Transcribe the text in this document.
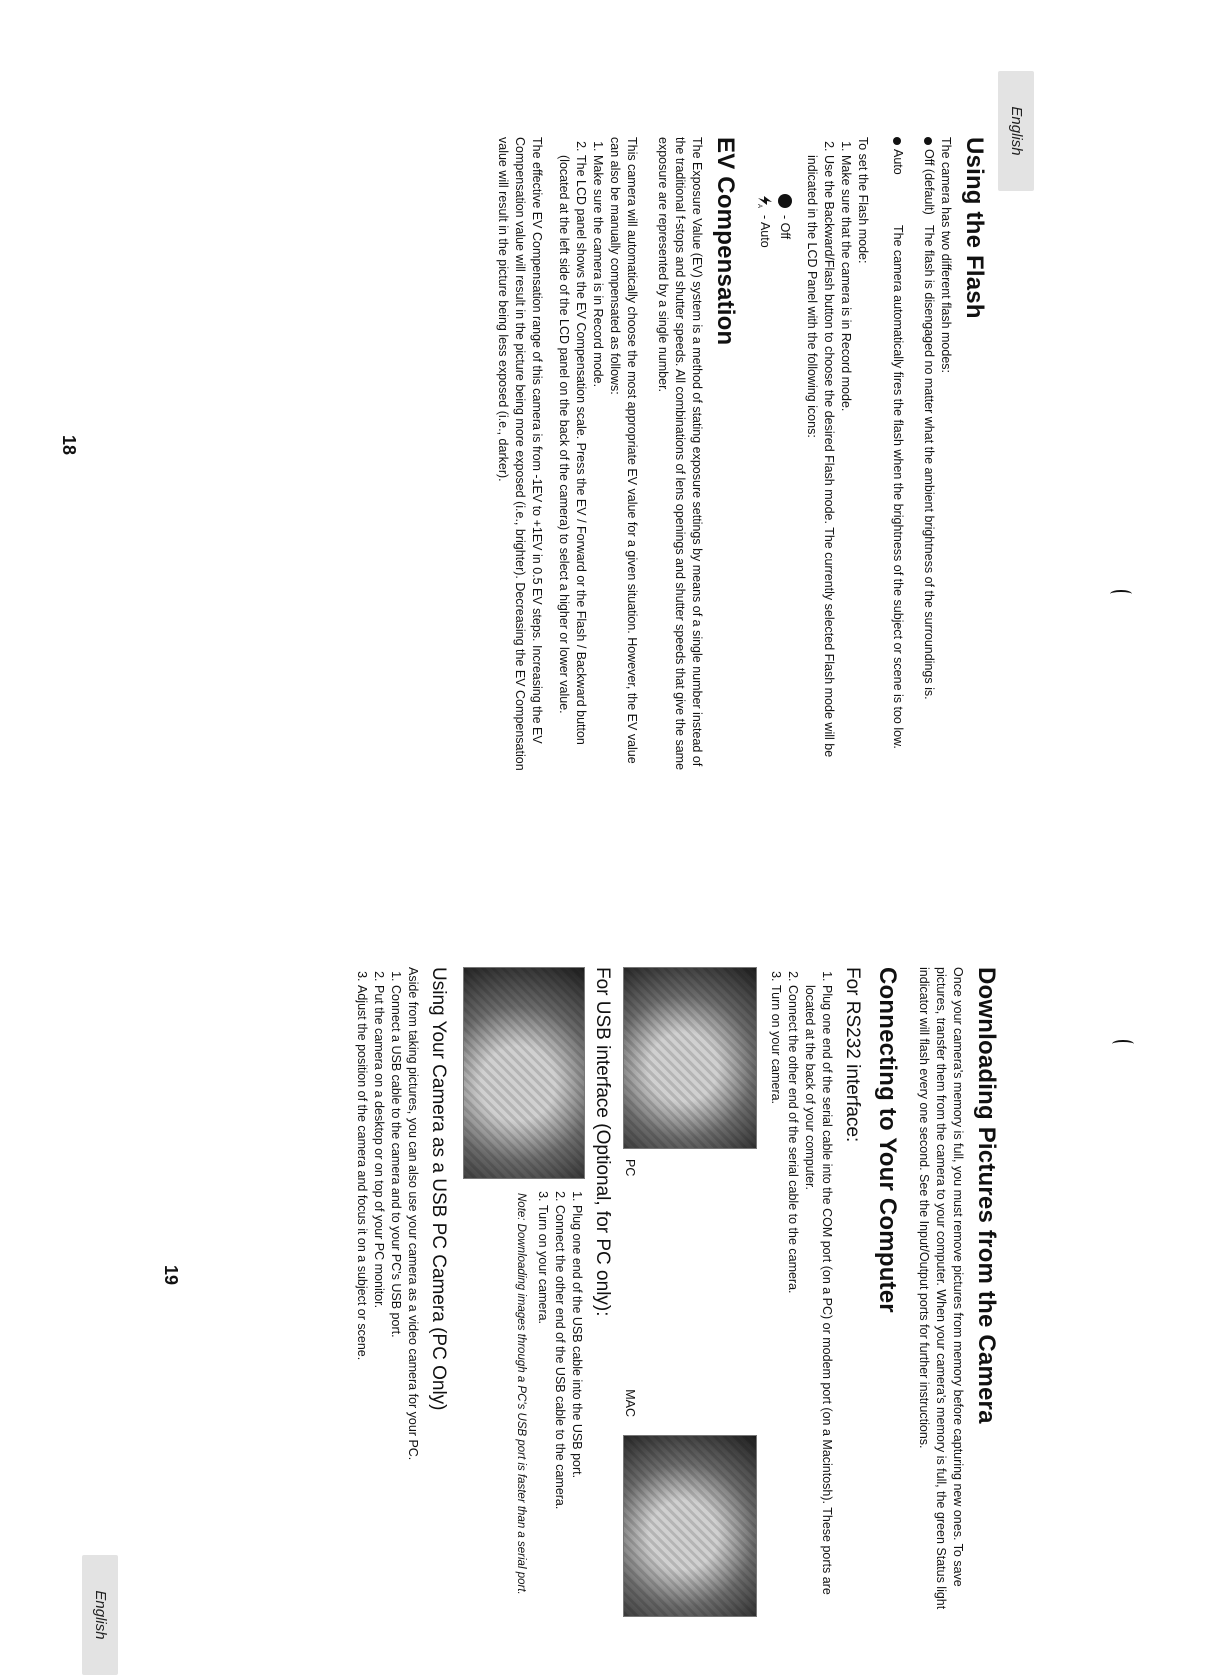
English
Using the Flash

The camera has two different flash modes:

Off (default)
The flash is disengaged no matter what the ambient brightness of the surroundings is.
Auto
The camera automatically fires the flash when the brightness of the subject or scene is too low.

To set the Flash mode:

1. Make sure that the camera is in Record mode.
2. Use the Backward/Flash button to choose the desired Flash mode. The currently selected Flash mode will be indicated in the LCD Panel with the following icons:
- Off
A
- Auto
EV Compensation

The Exposure Value (EV) system is a method of stating exposure settings by means of a single number instead of the traditional f-stops and shutter speeds. All combinations of lens openings and shutter speeds that give the same exposure are represented by a single number.

This camera will automatically choose the most appropriate EV value for a given situation. However, the EV value can also be manually compensated as follows:

1. Make sure the camera is in Record mode.
2. The LCD panel shows the EV Compensation scale. Press the EV / Forward or the Flash / Backward button (located at the left side of the LCD panel on the back of the camera) to select a higher or lower value.

The effective EV Compensation range of this camera is from -1EV to +1EV in 0.5 EV steps. Increasing the EV Compensation value will result in the picture being more exposed (i.e., brighter). Decreasing the EV Compensation value will result in the picture being less exposed (i.e., darker).

18
Downloading Pictures from the Camera

Once your camera's memory is full, you must remove pictures from memory before capturing new ones. To save pictures, transfer them from the camera to your computer. When your camera's memory is full, the green Status light indicator will flash every one second. See the Input/Output ports for further instructions.

Connecting to Your Computer
For RS232 interface:
1. Plug one end of the serial cable into the COM port (on a PC) or modem port (on a Macintosh). These ports are located at the back of your computer.
2. Connect the other end of the serial cable to the camera.
3. Turn on your camera.
PC
MAC
For USB interface (Optional, for PC only):
1. Plug one end of the USB cable into the USB port.
2. Connect the other end of the USB cable to the camera.
3. Turn on your camera.

Note: Downloading images through a PC's USB port is faster than a serial port.

Using Your Camera as a USB PC Camera (PC Only)

Aside from taking pictures, you can also use your camera as a video camera for your PC.

1. Connect a USB cable to the camera and to your PC's USB port.
2. Put the camera on a desktop or on top of your PC monitor.
3. Adjust the position of the camera and focus it on a subject or scene.
19
English
